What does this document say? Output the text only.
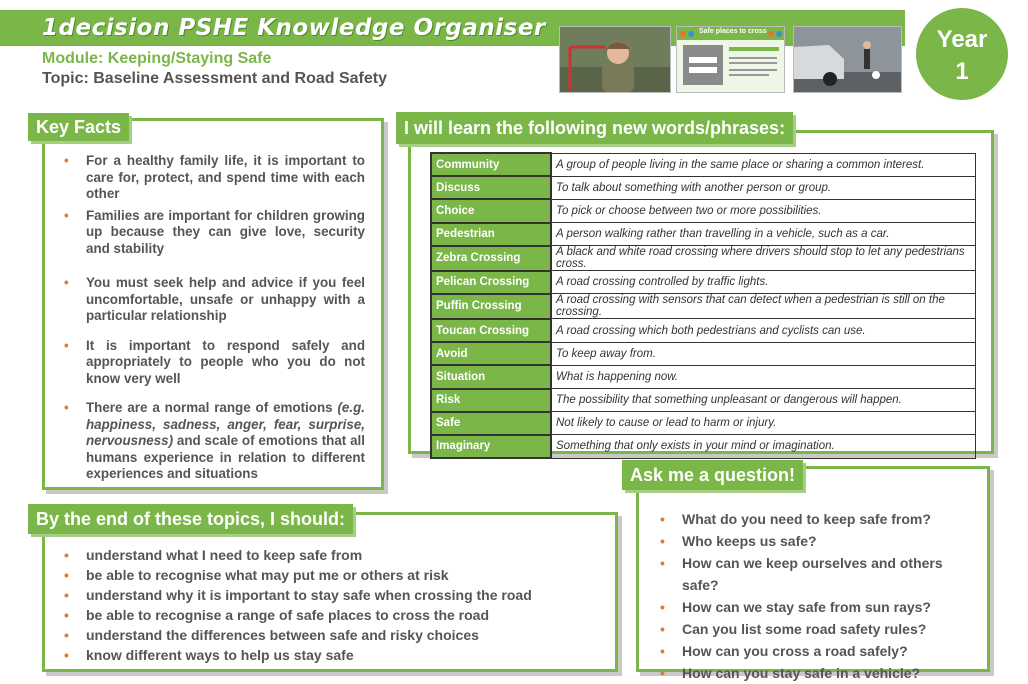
1decision PSHE Knowledge Organiser
Module: Keeping/Staying Safe
Topic: Baseline Assessment and Road Safety
Safe places to cross	Year
1
Key Facts
• For a healthy family life, it is important to care for, protect, and spend time with each other
• Families are important for children growing up because they can give love, security and stability
• You must seek help and advice if you feel uncomfortable, unsafe or unhappy with a particular relationship
• It is important to respond safely and appropriately to people who you do not know very well
• There are a normal range of emotions (e.g. happiness, sadness, anger, fear, surprise, nervousness) and scale of emotions that all humans experience in relation to different experiences and situations
I will learn the following new words/phrases:
Community	A group of people living in the same place or sharing a common interest.
Discuss	To talk about something with another person or group.
Choice	To pick or choose between two or more possibilities.
Pedestrian	A person walking rather than travelling in a vehicle, such as a car.
Zebra Crossing	A black and white road crossing where drivers should stop to let any pedestrians cross.
Pelican Crossing	A road crossing controlled by traffic lights.
Puffin Crossing	A road crossing with sensors that can detect when a pedestrian is still on the crossing.
Toucan Crossing	A road crossing which both pedestrians and cyclists can use.
Avoid	To keep away from.
Situation	What is happening now.
Risk	The possibility that something unpleasant or dangerous will happen.
Safe	Not likely to cause or lead to harm or injury.
Imaginary	Something that only exists in your mind or imagination.
By the end of these topics, I should:
• understand what I need to keep safe from
• be able to recognise what may put me or others at risk
• understand why it is important to stay safe when crossing the road
• be able to recognise a range of safe places to cross the road
• understand the differences between safe and risky choices
• know different ways to help us stay safe
Ask me a question!
• What do you need to keep safe from?
• Who keeps us safe?
• How can we keep ourselves and others safe?
• How can we stay safe from sun rays?
• Can you list some road safety rules?
• How can you cross a road safely?
• How can you stay safe in a vehicle?
